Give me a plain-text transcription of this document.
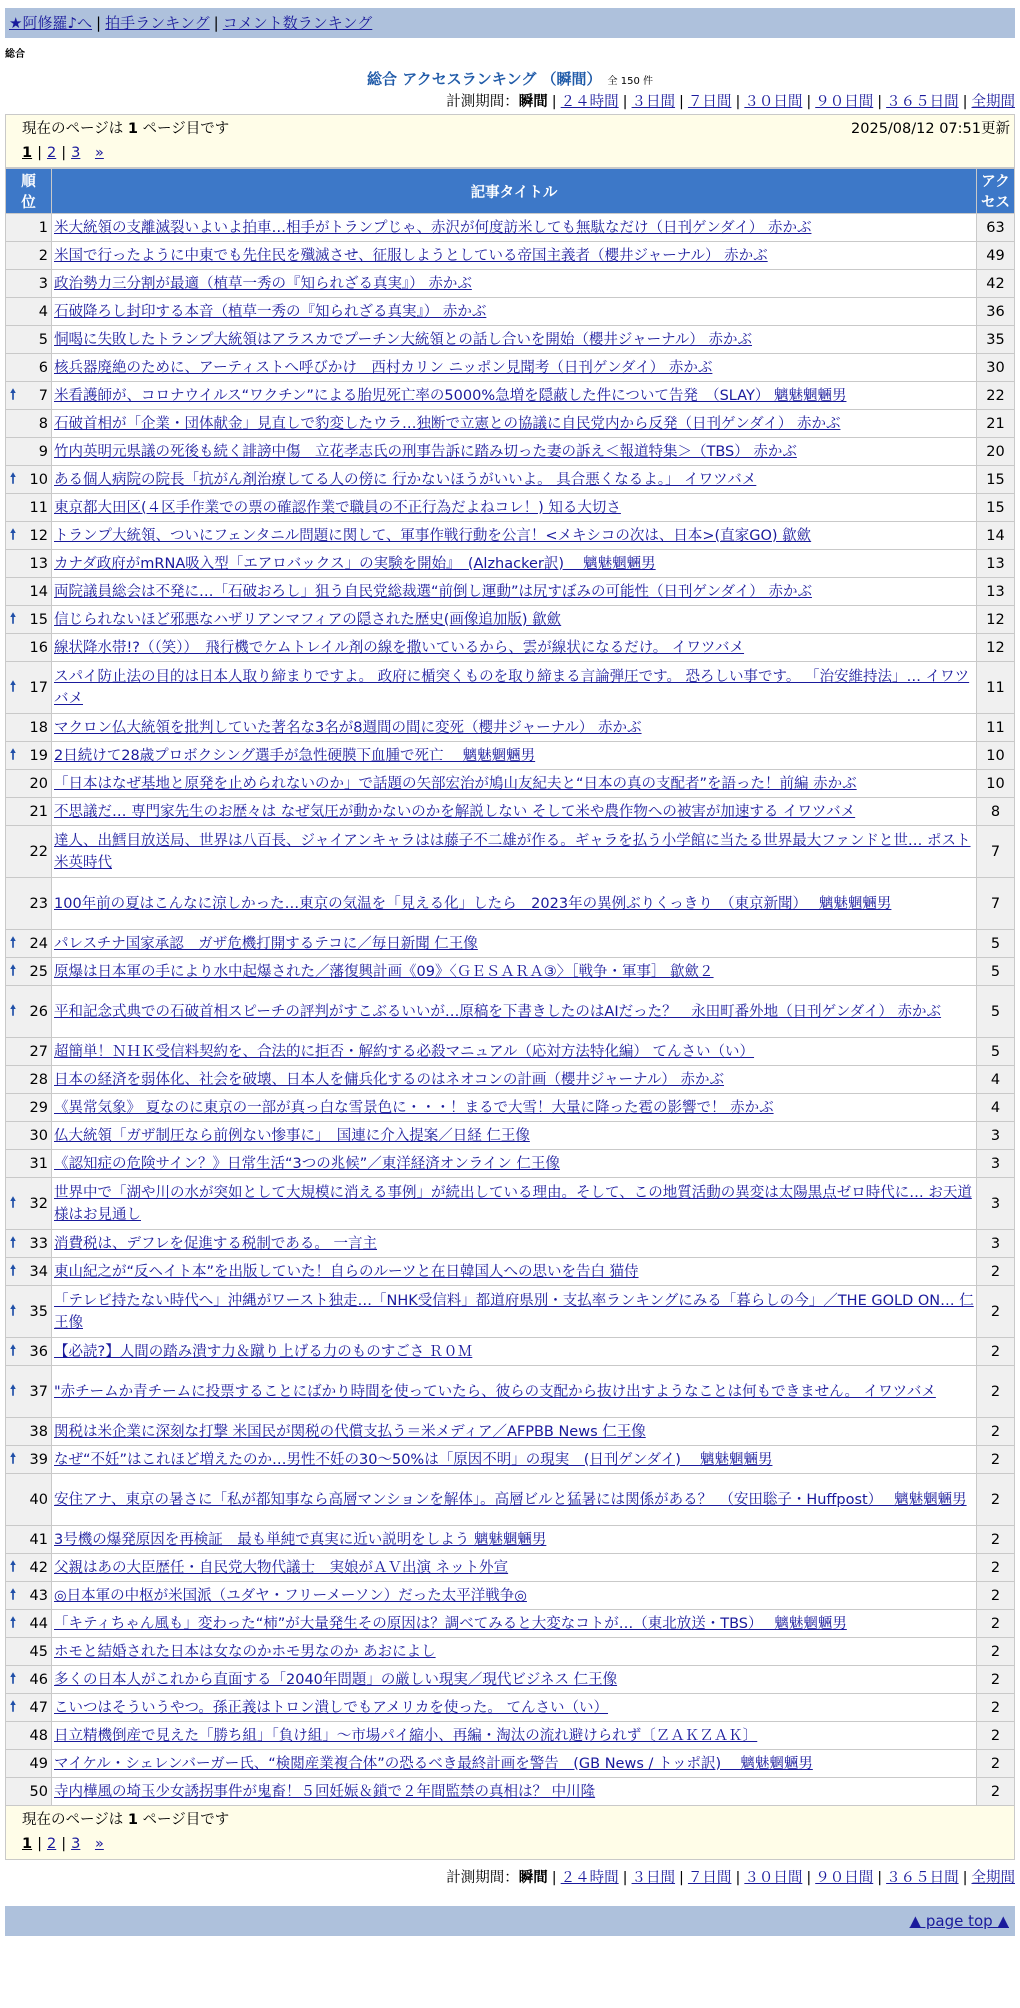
★阿修羅♪へ | 拍手ランキング | コメント数ランキング
総合
総合 アクセスランキング （瞬間） 全 150 件
計測期間：瞬間 | ２４時間 | ３日間 | ７日間 | ３０日間 | ９０日間 | ３６５日間 | 全期間
現在のページは 1 ページ目です	2025/08/12 07:51更新
1 | 2 | 3 »
順
位	記事タイトル	アク
セス
1	米大統領の支離滅裂いよいよ拍車…相手がトランプじゃ、赤沢が何度訪米しても無駄なだけ（日刊ゲンダイ） 赤かぶ	63
2	米国で行ったように中東でも先住民を殲滅させ、征服しようとしている帝国主義者（櫻井ジャーナル） 赤かぶ	49
3	政治勢力三分割が最適（植草一秀の『知られざる真実』） 赤かぶ	42
4	石破降ろし封印する本音（植草一秀の『知られざる真実』） 赤かぶ	36
5	恫喝に失敗したトランプ大統領はアラスカでプーチン大統領との話し合いを開始（櫻井ジャーナル） 赤かぶ	35
6	核兵器廃絶のために、アーティストへ呼びかけ　西村カリン ニッポン見聞考（日刊ゲンダイ） 赤かぶ	30

🠕 7	米看護師が、コロナウイルス“ワクチン”による胎児死亡率の5000%急増を隠蔽した件について告発　（SLAY） 魑魅魍魎男	22
8	石破首相が「企業・団体献金」見直しで豹変したウラ…独断で立憲との協議に自民党内から反発（日刊ゲンダイ） 赤かぶ	21
9	竹内英明元県議の死後も続く誹謗中傷　立花孝志氏の刑事告訴に踏み切った妻の訴え＜報道特集＞（TBS） 赤かぶ	20

🠕 10	ある個人病院の院長「抗がん剤治療してる人の傍に 行かないほうがいいよ。 具合悪くなるよ。」 イワツバメ	15
11	東京都大田区(４区手作業での票の確認作業で職員の不正行為だよねコレ！) 知る大切さ	15

🠕 12	トランプ大統領、ついにフェンタニル問題に関して、軍事作戦行動を公言！<メキシコの次は、日本>(直家GO) 歙歛	14
13	カナダ政府がmRNA吸入型「エアロバックス」の実験を開始』　(Alzhacker訳)　 魑魅魍魎男	13
14	両院議員総会は不発に…「石破おろし」狙う自民党総裁選“前倒し運動”は尻すぼみの可能性（日刊ゲンダイ） 赤かぶ	13

🠕 15	信じられないほど邪悪なハザリアンマフィアの隠された歴史(画像追加版) 歙歛	12
16	線状降水帯!?（（笑））　飛行機でケムトレイル剤の線を撒いているから、雲が線状になるだけ。 イワツバメ	12

🠕 17	スパイ防止法の目的は日本人取り締まりですよ。 政府に楯突くものを取り締まる言論弾圧です。 恐ろしい事です。 「治安維持法」… イワツバメ	11
18	マクロン仏大統領を批判していた著名な3名が8週間の間に変死（櫻井ジャーナル） 赤かぶ	11

🠕 19	2日続けて28歳プロボクシング選手が急性硬膜下血腫で死亡　 魑魅魍魎男	10
20	「日本はなぜ基地と原発を止められないのか」で話題の矢部宏治が鳩山友紀夫と“日本の真の支配者”を語った！前編 赤かぶ	10
21	不思議だ… 専門家先生のお歴々は なぜ気圧が動かないのかを解説しない そして米や農作物への被害が加速する イワツバメ	8
22	達人、出鱈目放送局、世界は八百長、ジャイアンキャラはは藤子不二雄が作る。ギャラを払う小学館に当たる世界最大ファンドと世… ポスト米英時代	7
23	100年前の夏はこんなに涼しかった…東京の気温を「見える化」したら　2023年の異例ぶりくっきり　（東京新聞）　 魑魅魍魎男	7

🠕 24	パレスチナ国家承認　ガザ危機打開するテコに／毎日新聞 仁王像	5

🠕 25	原爆は日本軍の手により水中起爆された／藩復興計画《09》〈ＧＥＳＡＲＡ③〉［戦争・軍事］ 歙歛２	5

🠕 26	平和記念式典での石破首相スピーチの評判がすこぶるいいが…原稿を下書きしたのはAIだった？　永田町番外地（日刊ゲンダイ） 赤かぶ	5
27	超簡単！ＮＨＫ受信料契約を、合法的に拒否・解約する必殺マニュアル（応対方法特化編） てんさい（い）	5
28	日本の経済を弱体化、社会を破壊、日本人を傭兵化するのはネオコンの計画（櫻井ジャーナル） 赤かぶ	4
29	《異常気象》 夏なのに東京の一部が真っ白な雪景色に・・・！まるで大雪！大量に降った雹の影響で！ 赤かぶ	4
30	仏大統領「ガザ制圧なら前例ない惨事に」　国連に介入提案／日経 仁王像	3
31	《認知症の危険サイン？》日常生活“3つの兆候”／東洋経済オンライン 仁王像	3

🠕 32	世界中で「湖や川の水が突如として大規模に消える事例」が続出している理由。そして、この地質活動の異変は太陽黒点ゼロ時代に… お天道様はお見通し	3

🠕 33	消費税は、デフレを促進する税制である。 一言主	3

🠕 34	東山紀之が“反ヘイト本”を出版していた！自らのルーツと在日韓国人への思いを告白 猫侍	2

🠕 35	「テレビ持たない時代へ」沖縄がワースト独走…「NHK受信料」都道府県別・支払率ランキングにみる「暮らしの今」／THE GOLD ON… 仁王像	2

🠕 36	【必読?】人間の踏み潰す力＆蹴り上げる力のものすごさ Ｒ０Ｍ	2

🠕 37	"赤チームか青チームに投票することにばかり時間を使っていたら、彼らの支配から抜け出すようなことは何もできません。 イワツバメ	2
38	関税は米企業に深刻な打撃 米国民が関税の代償支払う＝米メディア／AFPBB News 仁王像	2

🠕 39	なぜ“不妊”はこれほど増えたのか…男性不妊の30～50%は「原因不明」の現実　(日刊ゲンダイ)　 魑魅魍魎男	2
40	安住アナ、東京の暑さに「私が都知事なら高層マンションを解体」。高層ビルと猛暑には関係がある？　（安田聡子・Huffpost）　 魑魅魍魎男	2
41	3号機の爆発原因を再検証　最も単純で真実に近い説明をしよう 魑魅魍魎男	2

🠕 42	父親はあの大臣歴任・自民党大物代議士　実娘がＡＶ出演 ネット外宣	2

🠕 43	◎日本軍の中枢が米国派（ユダヤ・フリーメーソン）だった太平洋戦争◎	2

🠕 44	「キティちゃん風も」変わった“柿”が大量発生その原因は？調べてみると大変なコトが…（東北放送・TBS）　 魑魅魍魎男	2
45	ホモと結婚された日本は女なのかホモ男なのか あおによし	2

🠕 46	多くの日本人がこれから直面する「2040年問題」の厳しい現実／現代ビジネス 仁王像	2

🠕 47	こいつはそういうやつ。孫正義はトロン潰しでもアメリカを使った。 てんさい（い）	2
48	日立精機倒産で見えた「勝ち組」「負け組」～市場パイ縮小、再編・淘汰の流れ避けられず〔ＺＡＫＺＡＫ〕	2
49	マイケル・シェレンバーガー氏、“検閲産業複合体”の恐るべき最終計画を警告　(GB News / トッポ訳)　 魑魅魍魎男	2
50	寺内樺風の埼玉少女誘拐事件が鬼畜！５回妊娠＆鎖で２年間監禁の真相は？ 中川隆	2
現在のページは 1 ページ目です
1 | 2 | 3 »
計測期間：瞬間 | ２４時間 | ３日間 | ７日間 | ３０日間 | ９０日間 | ３６５日間 | 全期間
▲ page top ▲
